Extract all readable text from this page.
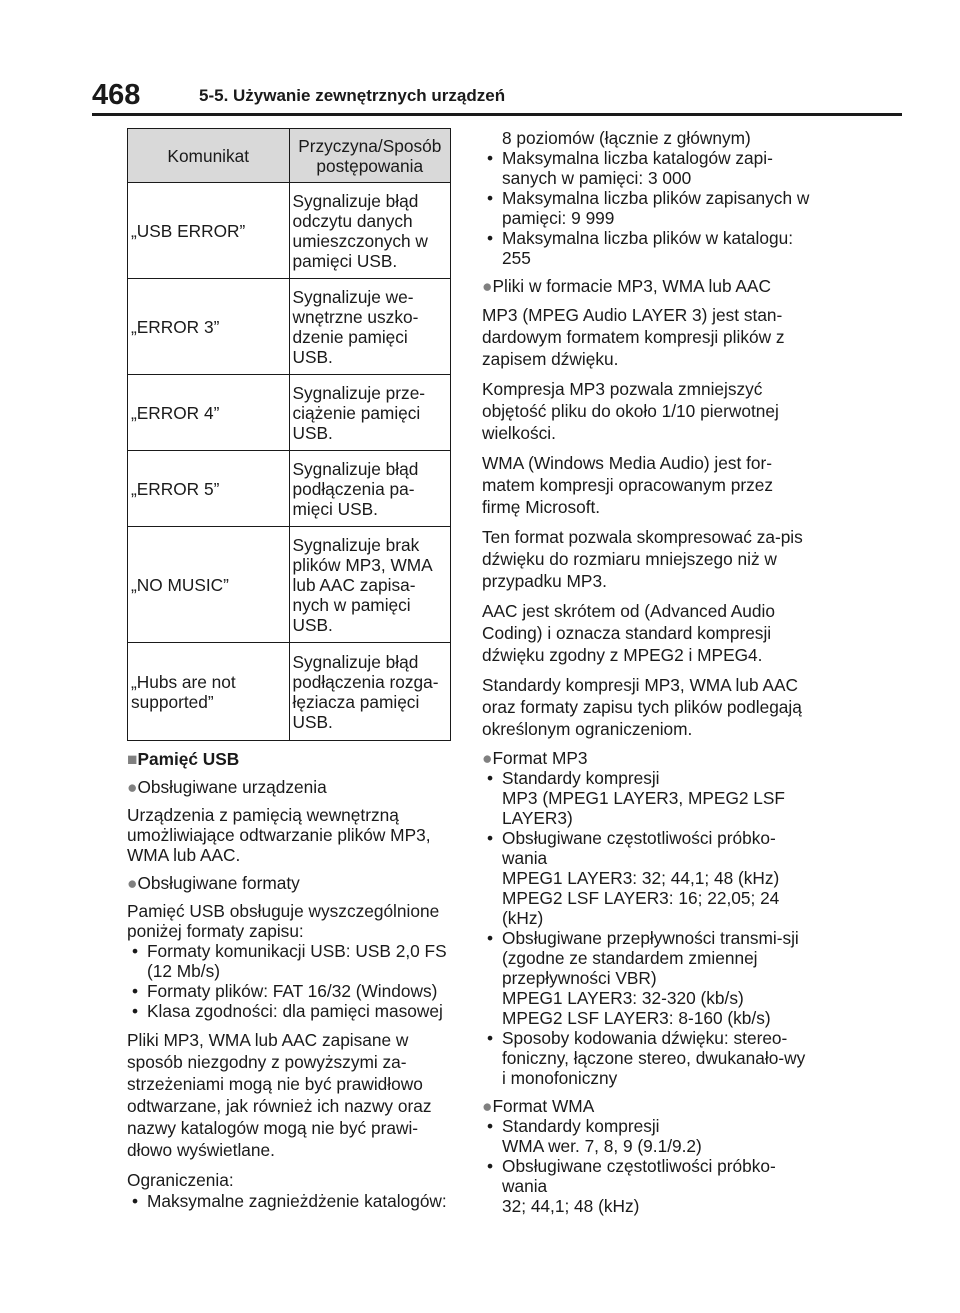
468	5-5. Używanie zewnętrznych urządzeń
Komunikat	Przyczyna/Sposób postępowania
„USB ERROR”	Sygnalizuje błąd odczytu danych umieszczonych w pamięci USB.
„ERROR 3”	Sygnalizuje we-wnętrzne uszko-dzenie pamięci USB.
„ERROR 4”	Sygnalizuje prze-ciążenie pamięci USB.
„ERROR 5”	Sygnalizuje błąd podłączenia pa-mięci USB.
„NO MUSIC”	Sygnalizuje brak plików MP3, WMA lub AAC zapisa-nych w pamięci USB.
„Hubs are not supported”	Sygnalizuje błąd podłączenia rozga-łęziacza pamięci USB.
■Pamięć USB
●Obsługiwane urządzenia

Urządzenia z pamięcią wewnętrzną umożliwiające odtwarzanie plików MP3, WMA lub AAC.

●Obsługiwane formaty

Pamięć USB obsługuje wyszczególnione poniżej formaty zapisu:

• Formaty komunikacji USB: USB 2,0 FS (12 Mb/s)
• Formaty plików: FAT 16/32 (Windows)
• Klasa zgodności: dla pamięci masowej

Pliki MP3, WMA lub AAC zapisane w sposób niezgodny z powyższymi za-strzeżeniami mogą nie być prawidłowo odtwarzane, jak również ich nazwy oraz nazwy katalogów mogą nie być prawi-dłowo wyświetlane.

Ograniczenia:

• Maksymalne zagnieżdżenie katalogów:
8 poziomów (łącznie z głównym)
• Maksymalna liczba katalogów zapi-sanych w pamięci: 3 000
• Maksymalna liczba plików zapisanych w pamięci: 9 999
• Maksymalna liczba plików w katalogu: 255
●Pliki w formacie MP3, WMA lub AAC

MP3 (MPEG Audio LAYER 3) jest stan-dardowym formatem kompresji plików z zapisem dźwięku.

Kompresja MP3 pozwala zmniejszyć objętość pliku do około 1/10 pierwotnej wielkości.

WMA (Windows Media Audio) jest for-matem kompresji opracowanym przez firmę Microsoft.

Ten format pozwala skompresować za-pis dźwięku do rozmiaru mniejszego niż w przypadku MP3.

AAC jest skrótem od (Advanced Audio Coding) i oznacza standard kompresji dźwięku zgodny z MPEG2 i MPEG4.

Standardy kompresji MP3, WMA lub AAC oraz formaty zapisu tych plików podlegają określonym ograniczeniom.

●Format MP3
• Standardy kompresji
MP3 (MPEG1 LAYER3, MPEG2 LSF LAYER3)
• Obsługiwane częstotliwości próbko-wania
MPEG1 LAYER3: 32; 44,1; 48 (kHz)
MPEG2 LSF LAYER3: 16; 22,05; 24 (kHz)
• Obsługiwane przepływności transmi-sji (zgodne ze standardem zmiennej przepływności VBR)
MPEG1 LAYER3: 32-320 (kb/s)
MPEG2 LSF LAYER3: 8-160 (kb/s)
• Sposoby kodowania dźwięku: stereo-foniczny, łączone stereo, dwukanało-wy i monofoniczny
●Format WMA
• Standardy kompresji
WMA wer. 7, 8, 9 (9.1/9.2)
• Obsługiwane częstotliwości próbko-wania
32; 44,1; 48 (kHz)
